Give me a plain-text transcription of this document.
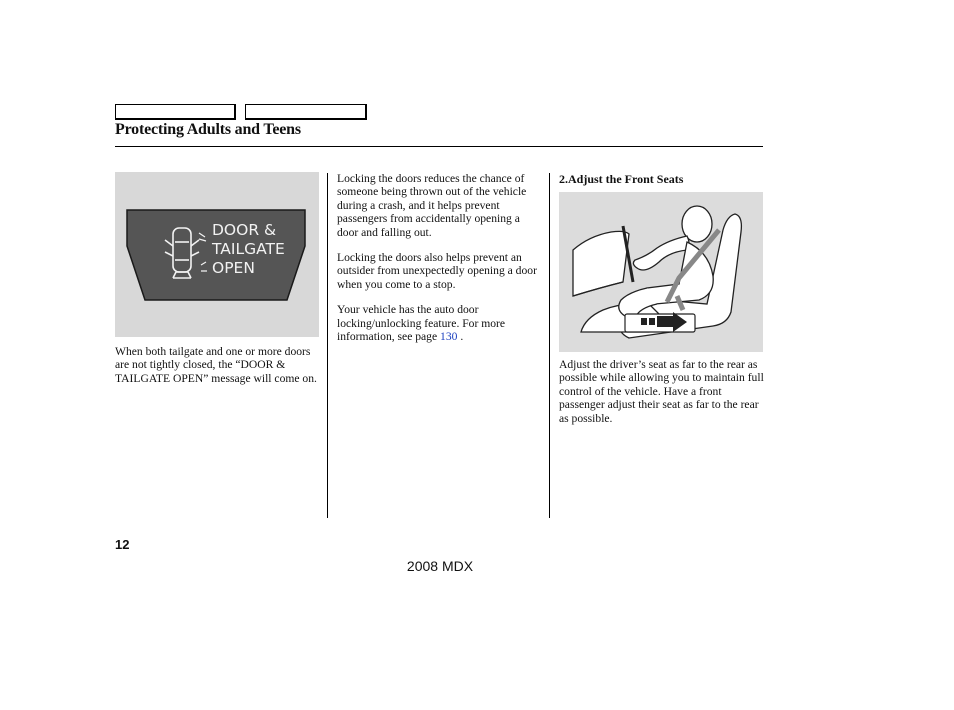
Protecting Adults and Teens
DOOR &
TAILGATE
OPEN

When both tailgate and one or more doors are not tightly closed, the “DOOR & TAILGATE OPEN” message will come on.

Locking the doors reduces the chance of someone being thrown out of the vehicle during a crash, and it helps prevent passengers from accidentally opening a door and falling out.

Locking the doors also helps prevent an outsider from unexpectedly opening a door when you come to a stop.

Your vehicle has the auto door locking/unlocking feature. For more information, see page 130 .

2.Adjust the Front Seats
Adjust the driver’s seat as far to the rear as possible while allowing you to maintain full control of the vehicle. Have a front passenger adjust their seat as far to the rear as possible.
12
2008 MDX
